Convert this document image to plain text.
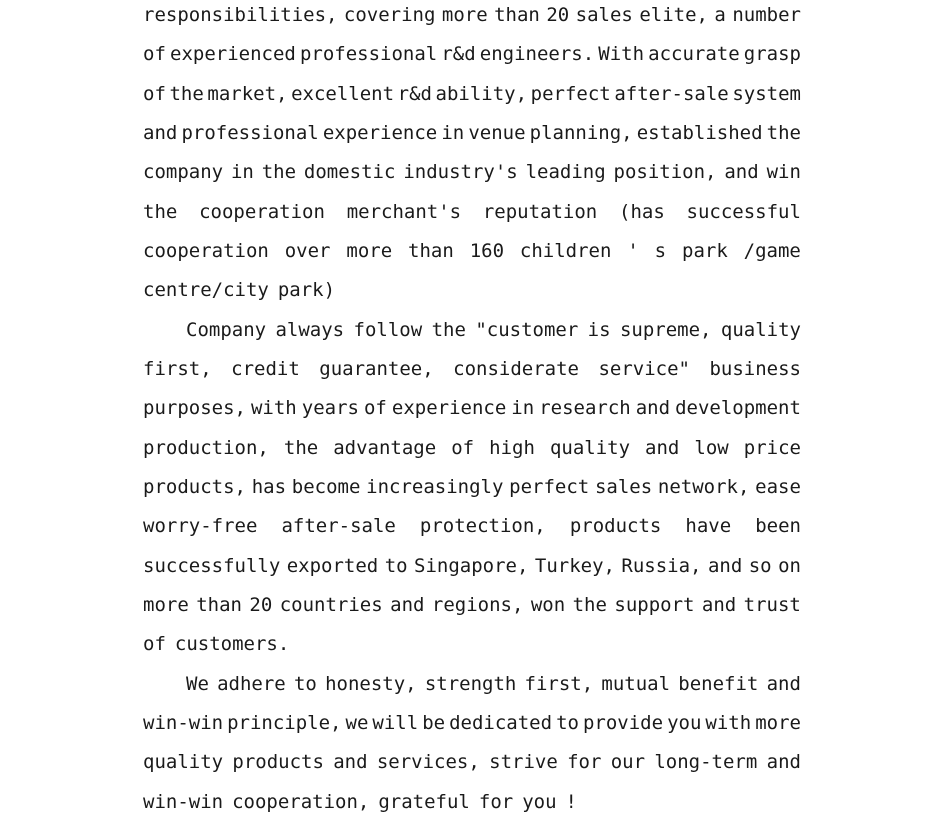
responsibilities, covering more than 20 sales elite, a number
of experienced professional r&d engineers. With accurate grasp
of the market, excellent r&d ability, perfect after-sale system
and professional experience in venue planning, established the
company in the domestic industry's leading position, and win
the cooperation merchant's reputation (has successful
cooperation over more than 160 children ' s park /game
centre/city park)
Company always follow the "customer is supreme, quality
first, credit guarantee, considerate service" business
purposes, with years of experience in research and development
production, the advantage of high quality and low price
products, has become increasingly perfect sales network, ease
worry-free after-sale protection, products have been
successfully exported to Singapore, Turkey, Russia, and so on
more than 20 countries and regions, won the support and trust
of customers.
We adhere to honesty, strength first, mutual benefit and
win-win principle, we will be dedicated to provide you with more
quality products and services, strive for our long-term and
win-win cooperation, grateful for you !
